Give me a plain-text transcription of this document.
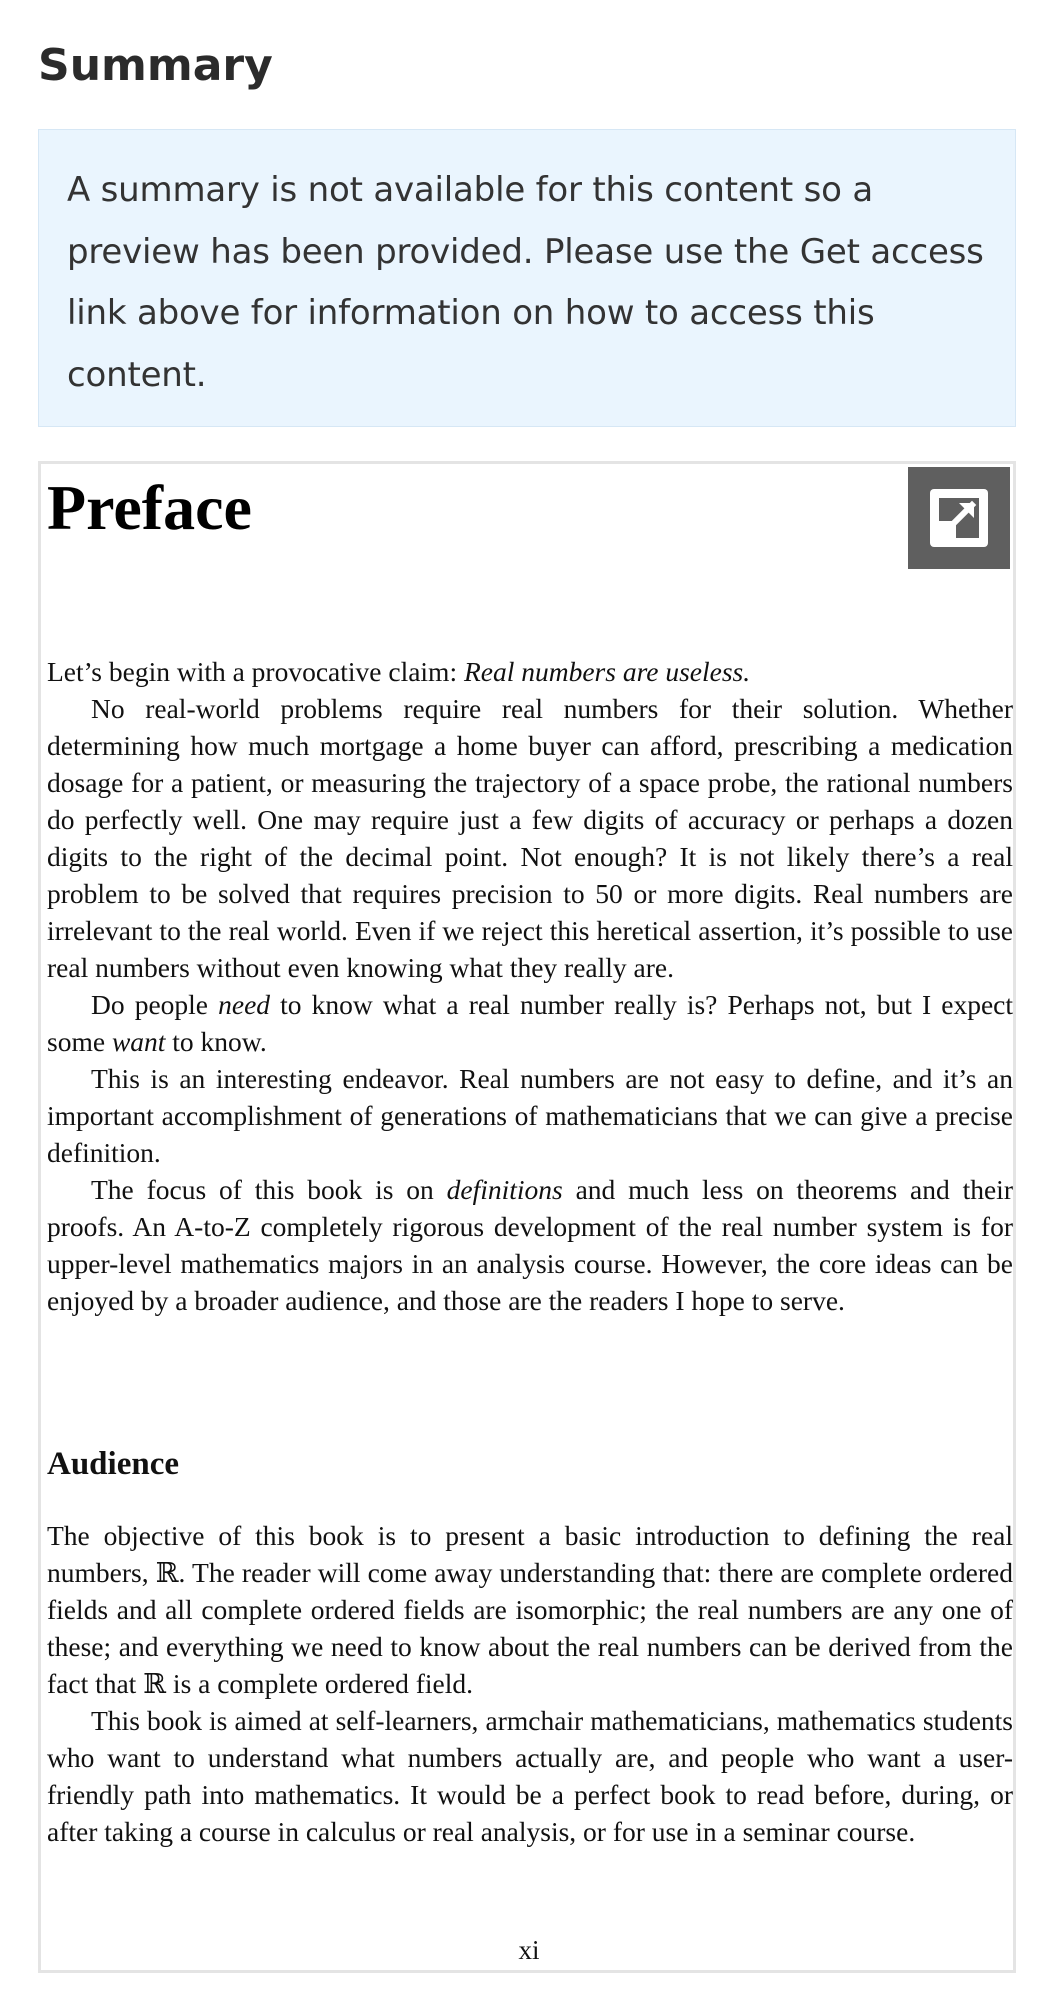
Summary

A summary is not available for this content so a preview has been provided. Please use the Get access link above for information on how to access this content.

Preface

Let’s begin with a provocative claim: Real numbers are useless.

No real-world problems require real numbers for their solution. Whether determining how much mortgage a home buyer can afford, prescribing a medication dosage for a patient, or measuring the trajectory of a space probe, the rational numbers do perfectly well. One may require just a few digits of accuracy or perhaps a dozen digits to the right of the decimal point. Not enough? It is not likely there’s a real problem to be solved that requires precision to 50 or more digits. Real numbers are irrelevant to the real world. Even if we reject this heretical assertion, it’s possible to use real numbers without even knowing what they really are.

Do people need to know what a real number really is? Perhaps not, but I expect some want to know.

This is an interesting endeavor. Real numbers are not easy to define, and it’s an important accomplishment of generations of mathematicians that we can give a precise definition.

The focus of this book is on definitions and much less on theorems and their proofs. An A-to-Z completely rigorous development of the real number system is for upper-level mathematics majors in an analysis course. However, the core ideas can be enjoyed by a broader audience, and those are the readers I hope to serve.

Audience

The objective of this book is to present a basic introduction to defining the real numbers, ℝ. The reader will come away understanding that: there are complete ordered fields and all complete ordered fields are isomorphic; the real numbers are any one of these; and everything we need to know about the real numbers can be derived from the fact that ℝ is a complete ordered field.

This book is aimed at self-learners, armchair mathematicians, mathematics students who want to understand what numbers actually are, and people who want a user-friendly path into mathematics. It would be a perfect book to read before, during, or after taking a course in calculus or real analysis, or for use in a seminar course.

xi
